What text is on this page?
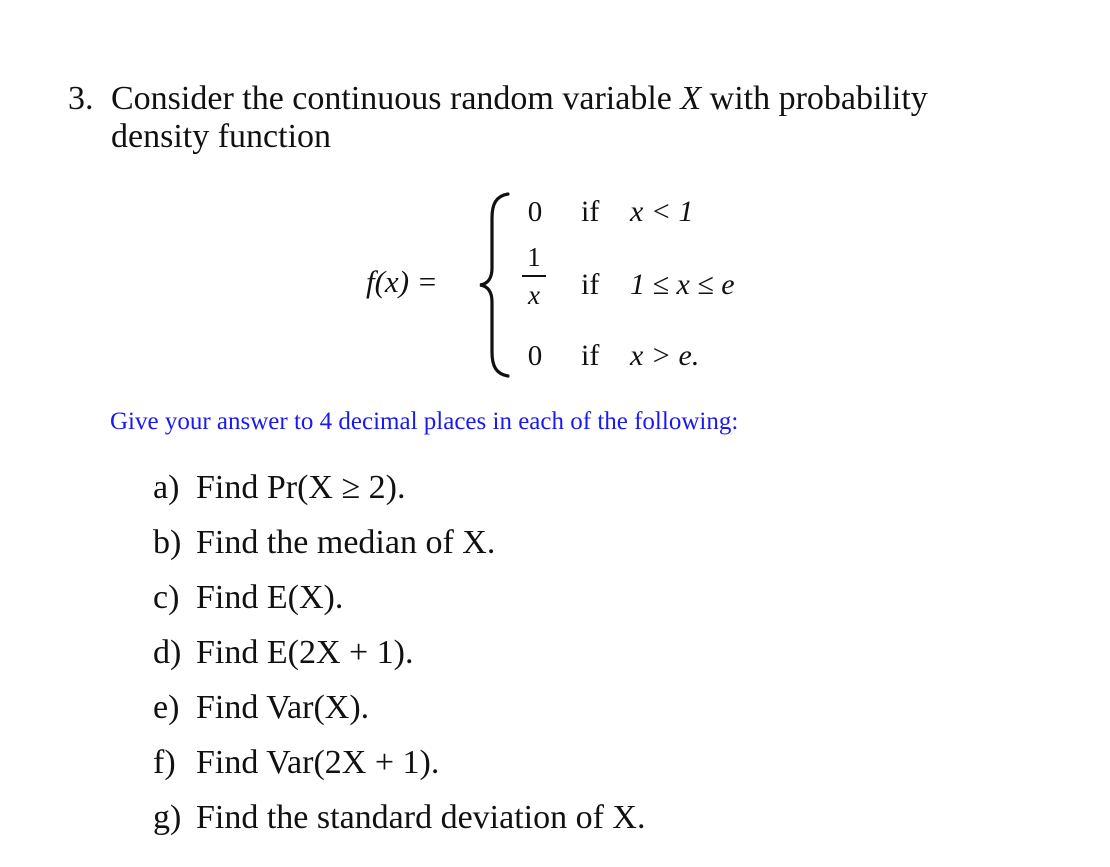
3. Consider the continuous random variable X with probability
density function
f(x) =
0 if x < 1
1
x	if 1 ≤ x ≤ e
0 if x > e.
Give your answer to 4 decimal places in each of the following:
a) Find Pr(X ≥ 2).
b) Find the median of X.
c) Find E(X).
d) Find E(2X + 1).
e) Find Var(X).
f) Find Var(2X + 1).
g) Find the standard deviation of X.
